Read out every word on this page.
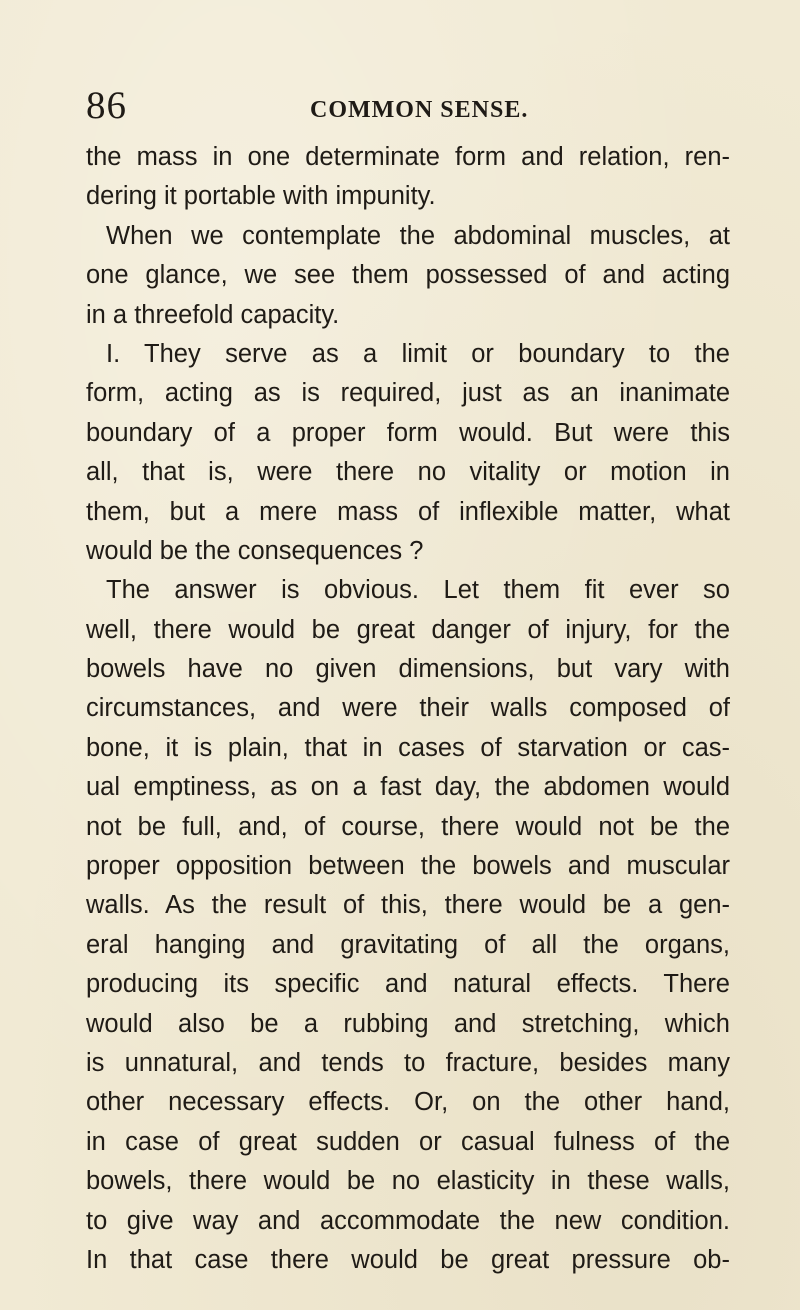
86	COMMON SENSE.
the mass in one determinate form and relation, ren-
dering it portable with impunity.
When we contemplate the abdominal muscles, at
one glance, we see them possessed of and acting
in a threefold capacity.
I. They serve as a limit or boundary to the
form, acting as is required, just as an inanimate
boundary of a proper form would. But were this
all, that is, were there no vitality or motion in
them, but a mere mass of inflexible matter, what
would be the consequences ?
The answer is obvious. Let them fit ever so
well, there would be great danger of injury, for the
bowels have no given dimensions, but vary with
circumstances, and were their walls composed of
bone, it is plain, that in cases of starvation or cas-
ual emptiness, as on a fast day, the abdomen would
not be full, and, of course, there would not be the
proper opposition between the bowels and muscular
walls. As the result of this, there would be a gen-
eral hanging and gravitating of all the organs,
producing its specific and natural effects. There
would also be a rubbing and stretching, which
is unnatural, and tends to fracture, besides many
other necessary effects. Or, on the other hand,
in case of great sudden or casual fulness of the
bowels, there would be no elasticity in these walls,
to give way and accommodate the new condition.
In that case there would be great pressure ob-
